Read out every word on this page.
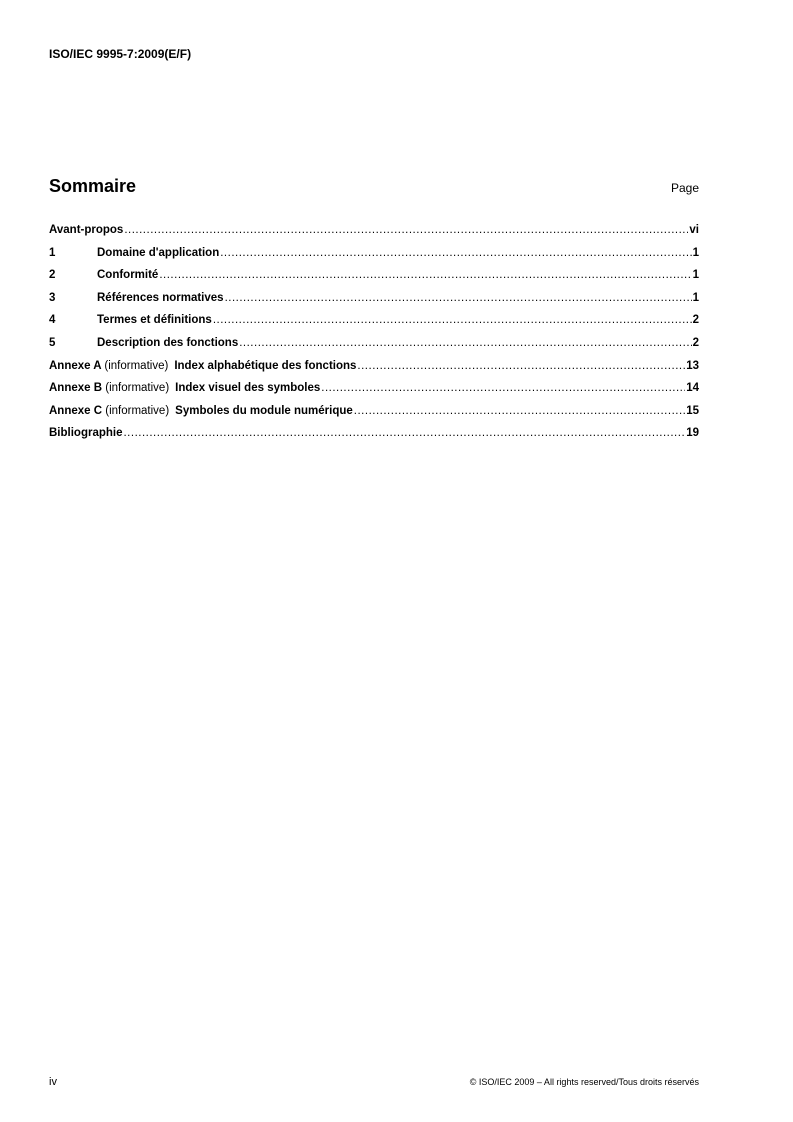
ISO/IEC 9995-7:2009(E/F)
Sommaire	Page
Avant-propos .....	vi
1	Domaine d'application .....	1
2	Conformité .....	1
3	Références normatives .....	1
4	Termes et définitions .....	2
5	Description des fonctions .....	2
Annexe A (informative) Index alphabétique des fonctions .....	13
Annexe B (informative) Index visuel des symboles .....	14
Annexe C (informative) Symboles du module numérique .....	15
Bibliographie .....	19
iv	© ISO/IEC 2009 – All rights reserved/Tous droits réservés
